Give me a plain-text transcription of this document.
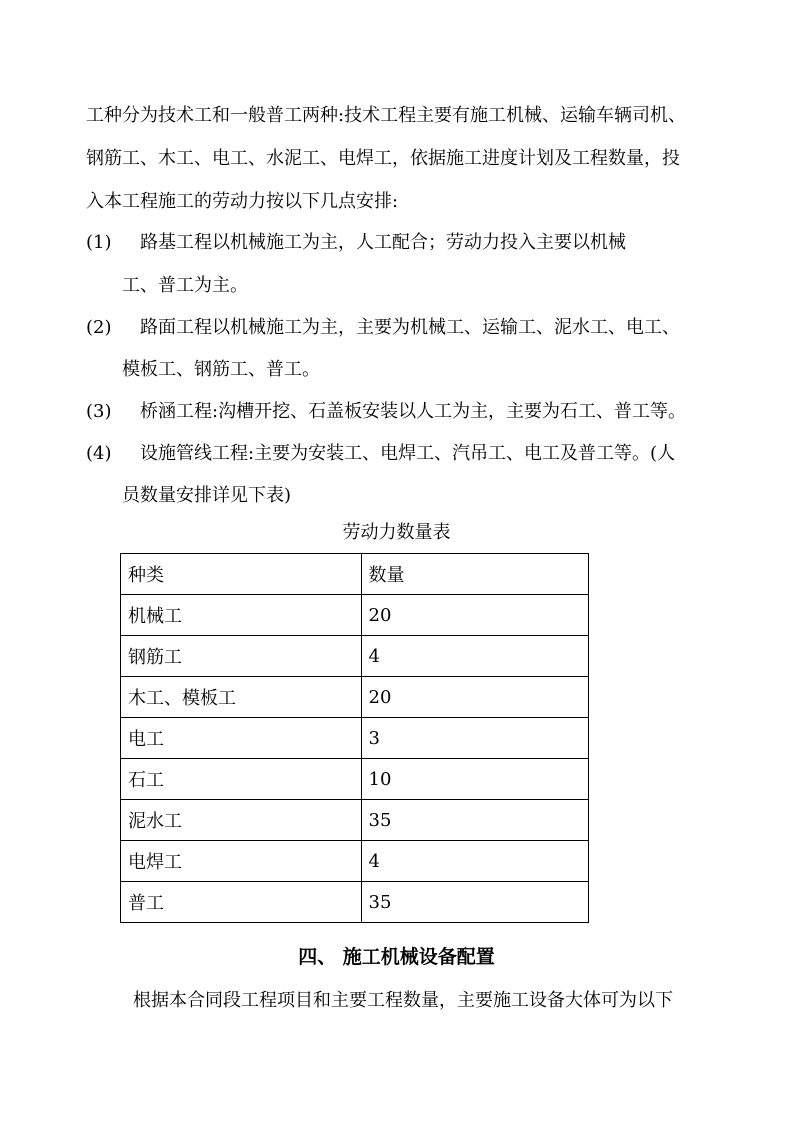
工种分为技术工和一般普工两种:技术工程主要有施工机械、运输车辆司机、
钢筋工、木工、电工、水泥工、电焊工，依据施工进度计划及工程数量，投
入本工程施工的劳动力按以下几点安排:
(1) 路基工程以机械施工为主，人工配合；劳动力投入主要以机械
工、普工为主。
(2) 路面工程以机械施工为主，主要为机械工、运输工、泥水工、电工、
模板工、钢筋工、普工。
(3) 桥涵工程:沟槽开挖、石盖板安装以人工为主，主要为石工、普工等。
(4) 设施管线工程:主要为安装工、电焊工、汽吊工、电工及普工等。(人
员数量安排详见下表)
劳动力数量表
种类	数量
机械工	20
钢筋工	4
木工、模板工	20
电工	3
石工	10
泥水工	35
电焊工	4
普工	35
四、 施工机械设备配置
根据本合同段工程项目和主要工程数量，主要施工设备大体可为以下
